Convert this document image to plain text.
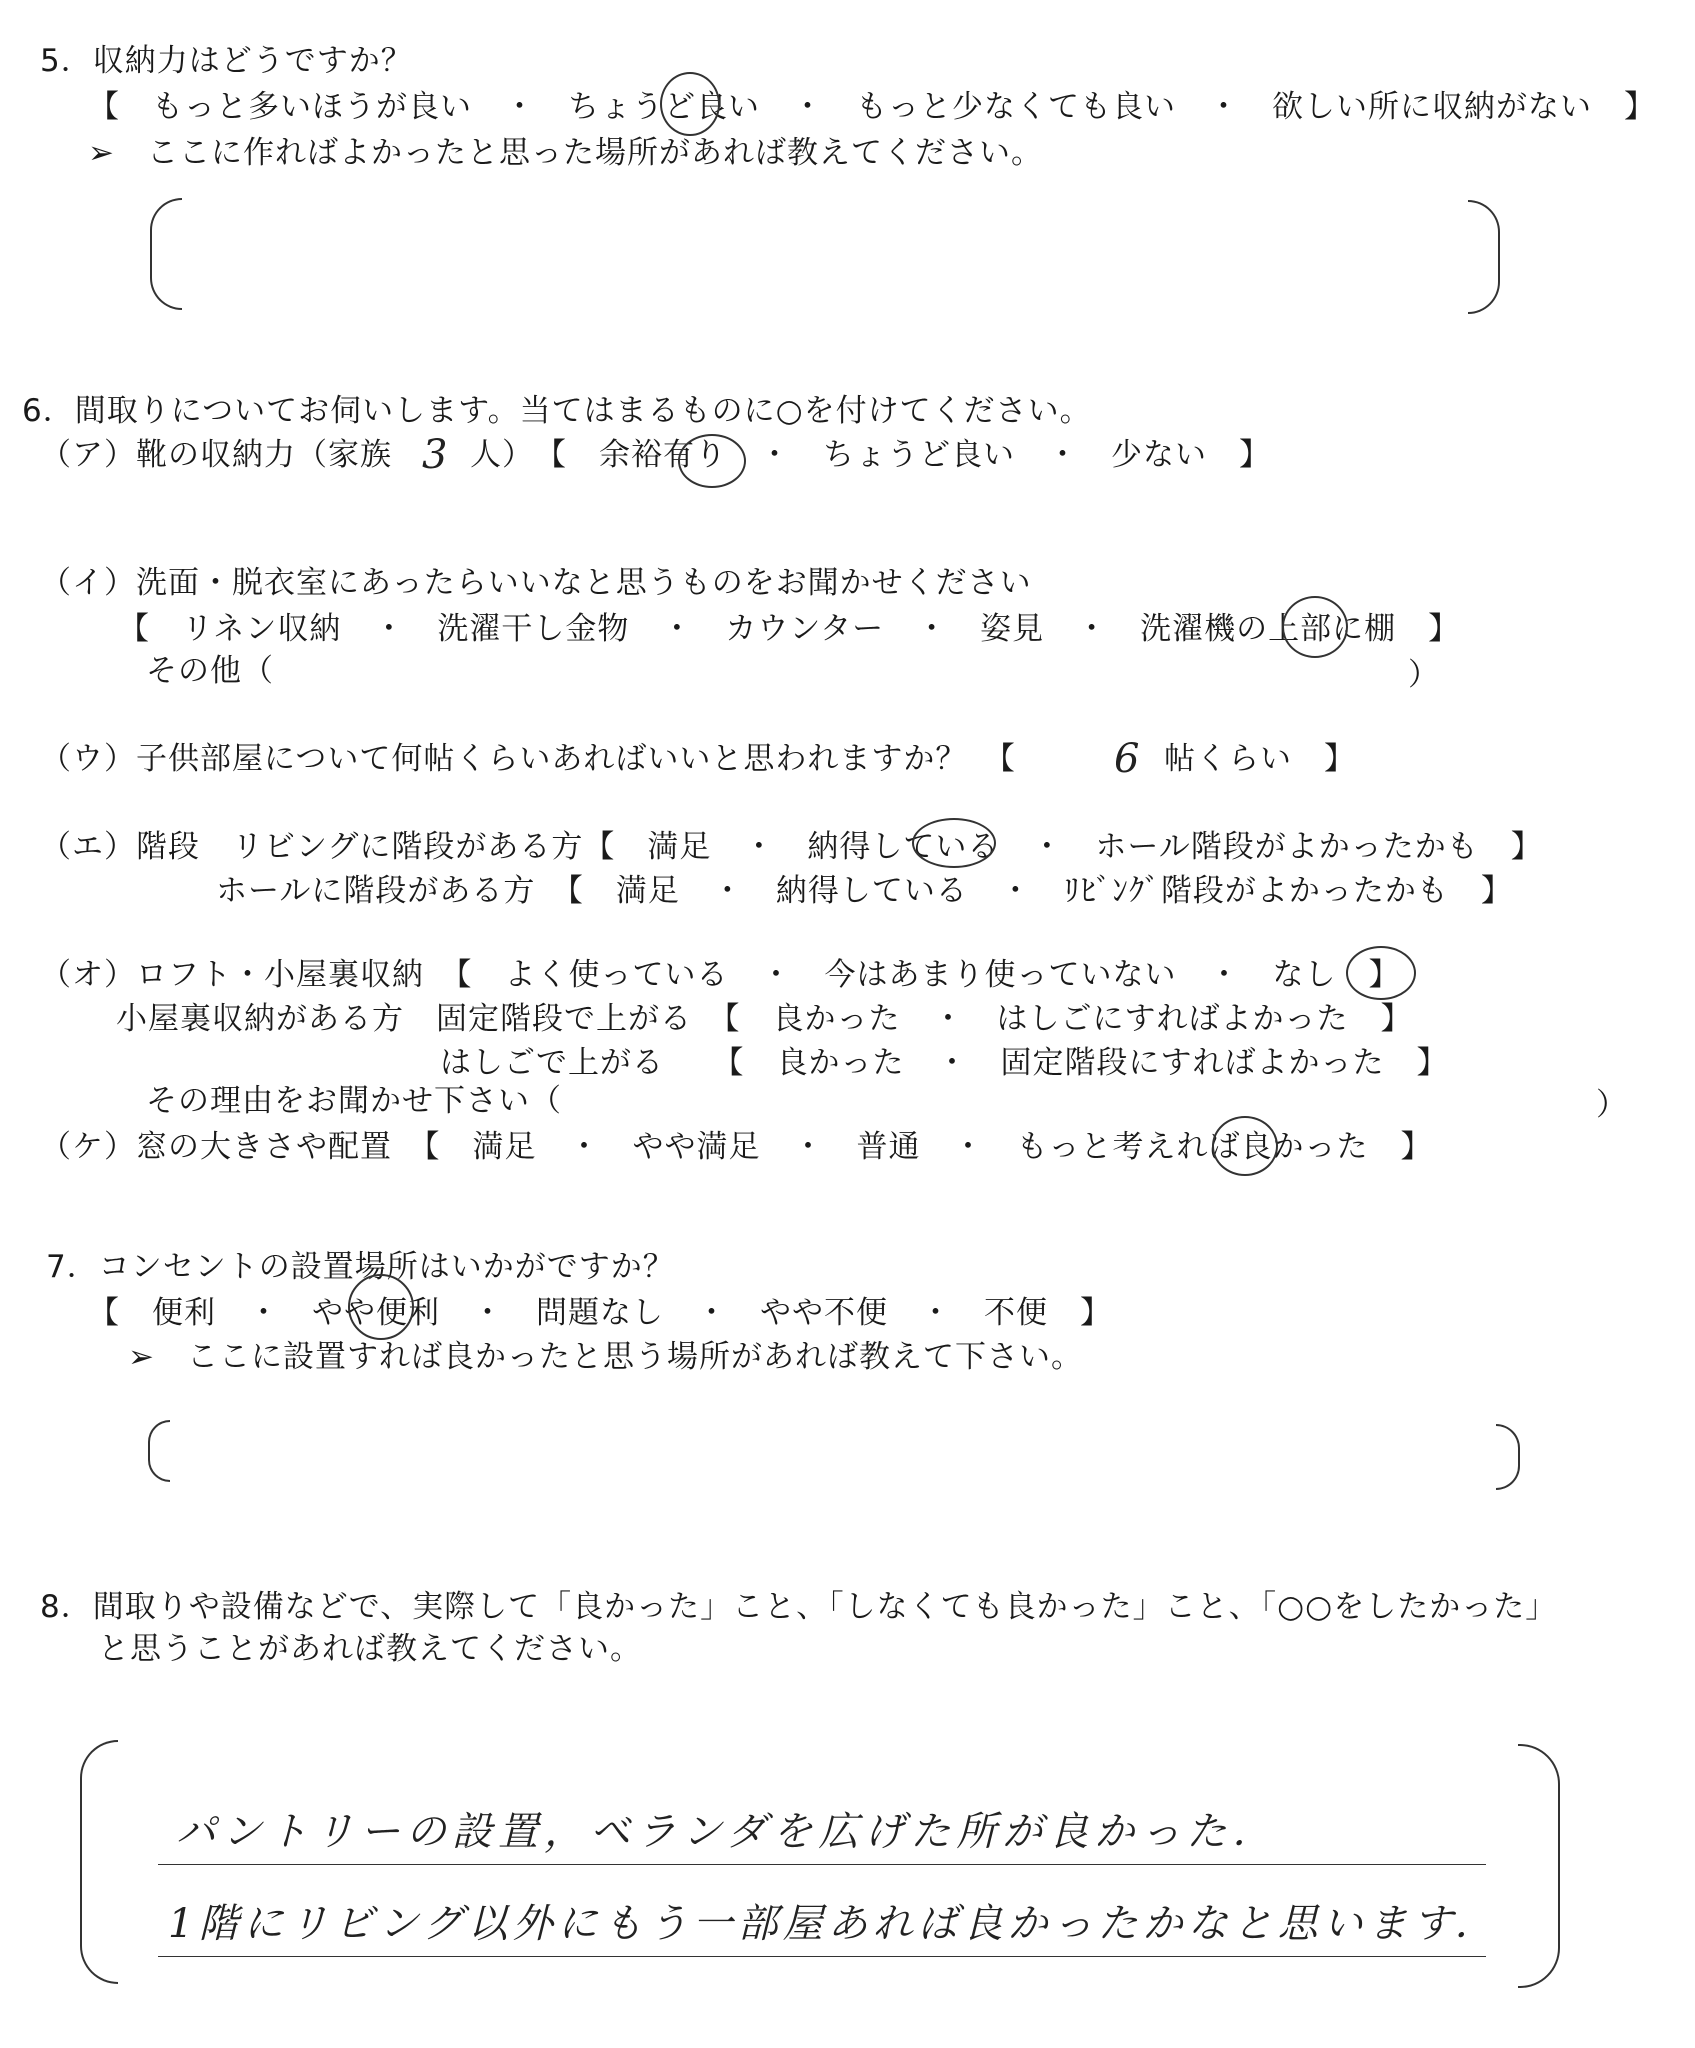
5．収納力はどうですか？
【　もっと多いほうが良い　・　ちょうど良い　・　もっと少なくても良い　・　欲しい所に収納がない　】
➢　ここに作ればよかったと思った場所があれば教えてください。
6．間取りについてお伺いします。当てはまるものに○を付けてください。
（ア）靴の収納力（家族 3 人）　【　余裕有り　・　ちょうど良い　・　少ない　】
（イ）洗面・脱衣室にあったらいいなと思うものをお聞かせください
【　リネン収納　・　洗濯干し金物　・　カウンター　・　姿見　・　洗濯機の上部に棚　】
その他（	）
（ウ）子供部屋について何帖くらいあればいいと思われますか？　【 6 帖くらい　】
（エ）階段　リビングに階段がある方【　満足　・　納得している　・　ホール階段がよかったかも　】
ホールに階段がある方　【　満足　・　納得している　・　ﾘﾋﾞﾝｸﾞ階段がよかったかも　】
（オ）ロフト・小屋裏収納　【　よく使っている　・　今はあまり使っていない　・　なし　】
小屋裏収納がある方　固定階段で上がる　【　良かった　・　はしごにすればよかった　】
はしごで上がる　　【　良かった　・　固定階段にすればよかった　】
その理由をお聞かせ下さい（	）
（ケ）窓の大きさや配置　【　満足　・　やや満足　・　普通　・　もっと考えれば良かった　】
7．コンセントの設置場所はいかがですか？
【　便利　・　やや便利　・　問題なし　・　やや不便　・　不便　】
➢　ここに設置すれば良かったと思う場所があれば教えて下さい。
8．間取りや設備などで、実際して「良かった」こと、「しなくても良かった」こと、「○○をしたかった」
と思うことがあれば教えてください。
パントリーの設置，ベランダを広げた所が良かった．
1階にリビング以外にもう一部屋あれば良かったかなと思います．
